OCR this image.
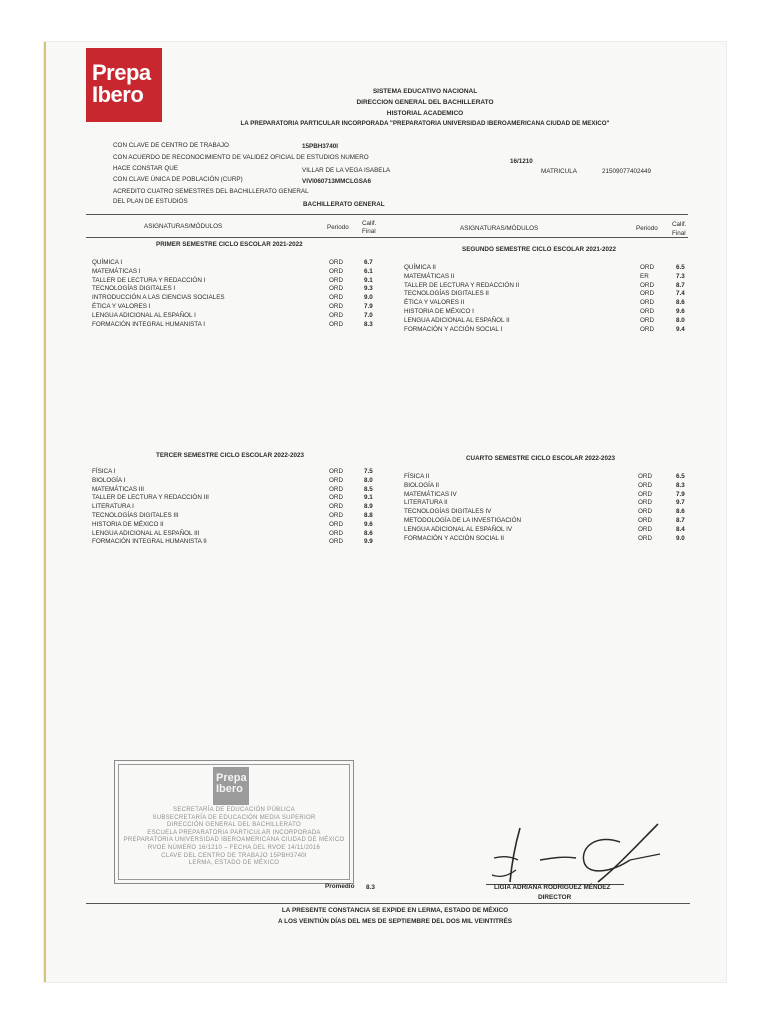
Prepa
Ibero	SISTEMA EDUCATIVO NACIONAL
DIRECCION GENERAL DEL BACHILLERATO
HISTORIAL ACADEMICO
LA PREPARATORIA PARTICULAR INCORPORADA "PREPARATORIA UNIVERSIDAD IBEROAMERICANA CIUDAD DE MEXICO"
CON CLAVE DE CENTRO DE TRABAJO	15PBH3740I
CON ACUERDO DE RECONOCIMIENTO DE VALIDEZ OFICIAL DE ESTUDIOS NUMERO
16/1210
HACE CONSTAR QUE	VILLAR DE LA VEGA ISABELA	MATRICULA	21509077402449
CON CLAVE ÚNICA DE POBLACIÓN (CURP)	VIVI060713MMCLGSA6
ACREDITO CUATRO SEMESTRES DEL BACHILLERATO GENERAL
DEL PLAN DE ESTUDIOS	BACHILLERATO GENERAL
ASIGNATURAS/MÓDULOS	Periodo
Calif.
Final	ASIGNATURAS/MÓDULOS	Periodo
Calif.
Final
PRIMER SEMESTRE CICLO ESCOLAR 2021-2022
QUÍMICA I	ORD	6.7
MATEMÁTICAS I	ORD	6.1
TALLER DE LECTURA Y REDACCIÓN I	ORD	9.1
TECNOLOGÍAS DIGITALES I	ORD	9.3
INTRODUCCIÓN A LAS CIENCIAS SOCIALES	ORD	9.0
ÉTICA Y VALORES I	ORD	7.9
LENGUA ADICIONAL AL ESPAÑOL I	ORD	7.0
FORMACIÓN INTEGRAL HUMANISTA I	ORD	8.3
SEGUNDO SEMESTRE CICLO ESCOLAR 2021-2022
QUÍMICA II	ORD	6.5
MATEMÁTICAS II	ER	7.3
TALLER DE LECTURA Y REDACCIÓN II	ORD	8.7
TECNOLOGÍAS DIGITALES II	ORD	7.4
ÉTICA Y VALORES II	ORD	8.6
HISTORIA DE MÉXICO I	ORD	9.6
LENGUA ADICIONAL AL ESPAÑOL II	ORD	8.0
FORMACIÓN Y ACCIÓN SOCIAL I	ORD	9.4
TERCER SEMESTRE CICLO ESCOLAR 2022-2023
FÍSICA I	ORD	7.5
BIOLOGÍA I	ORD	8.0
MATEMÁTICAS III	ORD	8.5
TALLER DE LECTURA Y REDACCIÓN III	ORD	9.1
LITERATURA I	ORD	8.9
TECNOLOGÍAS DIGITALES III	ORD	8.8
HISTORIA DE MÉXICO II	ORD	9.6
LENGUA ADICIONAL AL ESPAÑOL III	ORD	8.6
FORMACIÓN INTEGRAL HUMANISTA II	ORD	9.9
CUARTO SEMESTRE CICLO ESCOLAR 2022-2023
FÍSICA II	ORD	6.5
BIOLOGÍA II	ORD	8.3
MATEMÁTICAS IV	ORD	7.9
LITERATURA II	ORD	9.7
TECNOLOGÍAS DIGITALES IV	ORD	8.6
METODOLOGÍA DE LA INVESTIGACIÓN	ORD	8.7
LENGUA ADICIONAL AL ESPAÑOL IV	ORD	8.4
FORMACIÓN Y ACCIÓN SOCIAL II	ORD	9.0
Prepa
Ibero
SECRETARÍA DE EDUCACIÓN PÚBLICA
SUBSECRETARÍA DE EDUCACIÓN MEDIA SUPERIOR
DIRECCIÓN GENERAL DEL BACHILLERATO
ESCUELA PREPARATORIA PARTICULAR INCORPORADA
PREPARATORIA UNIVERSIDAD IBEROAMERICANA CIUDAD DE MÉXICO
RVOE NÚMERO 16/1210 – FECHA DEL RVOE 14/11/2016
CLAVE DEL CENTRO DE TRABAJO 15PBH3740I
LERMA, ESTADO DE MÉXICO
Promedio 8.3	LIGIA ADRIANA RODRIGUEZ MÉNDEZ
DIRECTOR
LA PRESENTE CONSTANCIA SE EXPIDE EN LERMA, ESTADO DE MÉXICO
A LOS VEINTIÚN DÍAS DEL MES DE SEPTIEMBRE DEL DOS MIL VEINTITRÉS
